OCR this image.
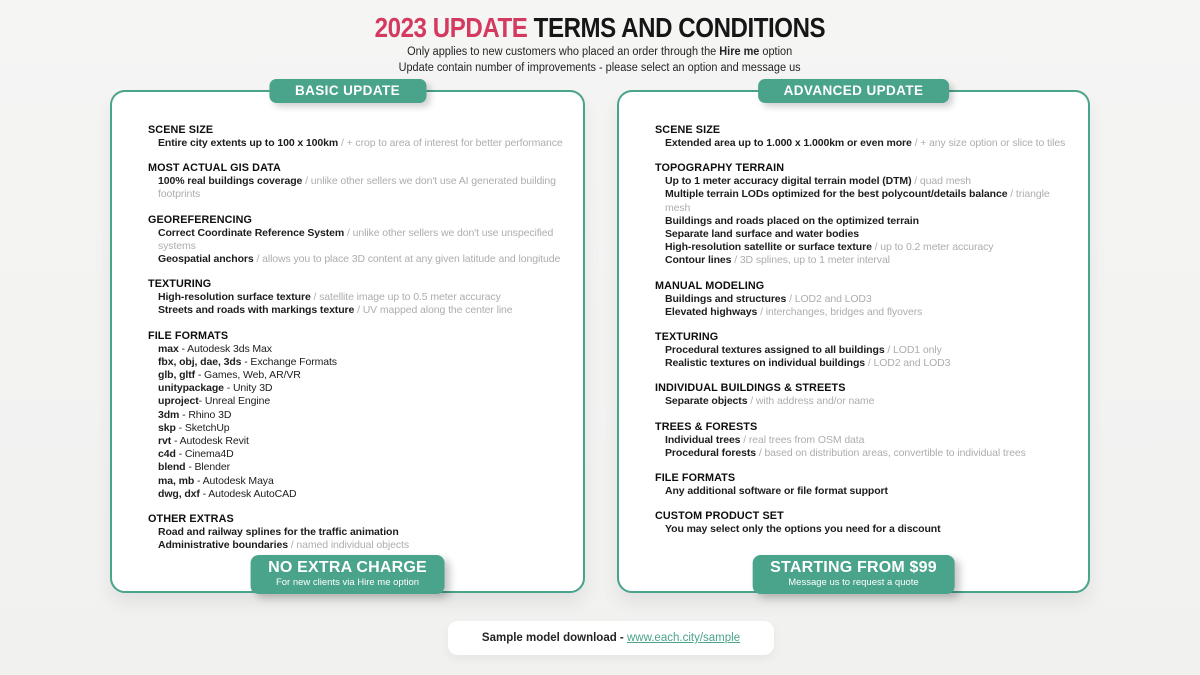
2023 UPDATE TERMS AND CONDITIONS
Only applies to new customers who placed an order through the Hire me option
Update contain number of improvements - please select an option and message us
BASIC UPDATE
SCENE SIZE
Entire city extents up to 100 x 100km / + crop to area of interest for better performance
MOST ACTUAL GIS DATA
100% real buildings coverage / unlike other sellers we don't use AI generated building footprints
GEOREFERENCING
Correct Coordinate Reference System / unlike other sellers we don't use unspecified systems
Geospatial anchors / allows you to place 3D content at any given latitude and longitude
TEXTURING
High-resolution surface texture / satellite image up to 0.5 meter accuracy
Streets and roads with markings texture / UV mapped along the center line
FILE FORMATS
max - Autodesk 3ds Max
fbx, obj, dae, 3ds - Exchange Formats
glb, gltf - Games, Web, AR/VR
unitypackage - Unity 3D
uproject- Unreal Engine
3dm - Rhino 3D
skp - SketchUp
rvt - Autodesk Revit
c4d - Cinema4D
blend - Blender
ma, mb - Autodesk Maya
dwg, dxf - Autodesk AutoCAD
OTHER EXTRAS
Road and railway splines for the traffic animation
Administrative boundaries / named individual objects
NO EXTRA CHARGE
For new clients via Hire me option
ADVANCED UPDATE
SCENE SIZE
Extended area up to 1.000 x 1.000km or even more / + any size option or slice to tiles
TOPOGRAPHY TERRAIN
Up to 1 meter accuracy digital terrain model (DTM) / quad mesh
Multiple terrain LODs optimized for the best polycount/details balance / triangle mesh
Buildings and roads placed on the optimized terrain
Separate land surface and water bodies
High-resolution satellite or surface texture / up to 0.2 meter accuracy
Contour lines / 3D splines, up to 1 meter interval
MANUAL MODELING
Buildings and structures / LOD2 and LOD3
Elevated highways / interchanges, bridges and flyovers
TEXTURING
Procedural textures assigned to all buildings / LOD1 only
Realistic textures on individual buildings / LOD2 and LOD3
INDIVIDUAL BUILDINGS & STREETS
Separate objects / with address and/or name
TREES & FORESTS
Individual trees / real trees from OSM data
Procedural forests / based on distribution areas, convertible to individual trees
FILE FORMATS
Any additional software or file format support
CUSTOM PRODUCT SET
You may select only the options you need for a discount
STARTING FROM $99
Message us to request a quote
Sample model download - www.each.city/sample
